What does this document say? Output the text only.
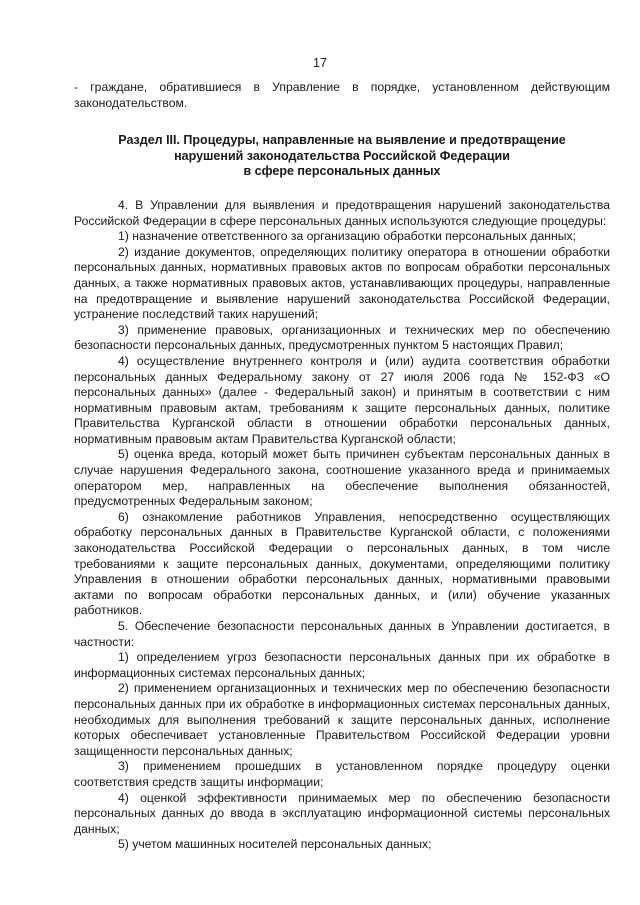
17

- граждане, обратившиеся в Управление в порядке, установленном действующим законодательством.

Раздел III. Процедуры, направленные на выявление и предотвращение
нарушений законодательства Российской Федерации
в сфере персональных данных

4. В Управлении для выявления и предотвращения нарушений законодательства Российской Федерации в сфере персональных данных используются следующие процедуры:

1) назначение ответственного за организацию обработки персональных данных;

2) издание документов, определяющих политику оператора в отношении обработки персональных данных, нормативных правовых актов по вопросам обработки персональных данных, а также нормативных правовых актов, устанавливающих процедуры, направленные на предотвращение и выявление нарушений законодательства Российской Федерации, устранение последствий таких нарушений;

3) применение правовых, организационных и технических мер по обеспечению безопасности персональных данных, предусмотренных пунктом 5 настоящих Правил;

4) осуществление внутреннего контроля и (или) аудита соответствия обработки персональных данных Федеральному закону от 27 июля 2006 года № 152-ФЗ «О персональных данных» (далее - Федеральный закон) и принятым в соответствии с ним нормативным правовым актам, требованиям к защите персональных данных, политике Правительства Курганской области в отношении обработки персональных данных, нормативным правовым актам Правительства Курганской области;

5) оценка вреда, который может быть причинен субъектам персональных данных в случае нарушения Федерального закона, соотношение указанного вреда и принимаемых оператором мер, направленных на обеспечение выполнения обязанностей, предусмотренных Федеральным законом;

6) ознакомление работников Управления, непосредственно осуществляющих обработку персональных данных в Правительстве Курганской области, с положениями законодательства Российской Федерации о персональных данных, в том числе требованиями к защите персональных данных, документами, определяющими политику Управления в отношении обработки персональных данных, нормативными правовыми актами по вопросам обработки персональных данных, и (или) обучение указанных работников.

5. Обеспечение безопасности персональных данных в Управлении достигается, в частности:

1) определением угроз безопасности персональных данных при их обработке в информационных системах персональных данных;

2) применением организационных и технических мер по обеспечению безопасности персональных данных при их обработке в информационных системах персональных данных, необходимых для выполнения требований к защите персональных данных, исполнение которых обеспечивает установленные Правительством Российской Федерации уровни защищенности персональных данных;

3) применением прошедших в установленном порядке процедуру оценки соответствия средств защиты информации;

4) оценкой эффективности принимаемых мер по обеспечению безопасности персональных данных до ввода в эксплуатацию информационной системы персональных данных;

5) учетом машинных носителей персональных данных;
